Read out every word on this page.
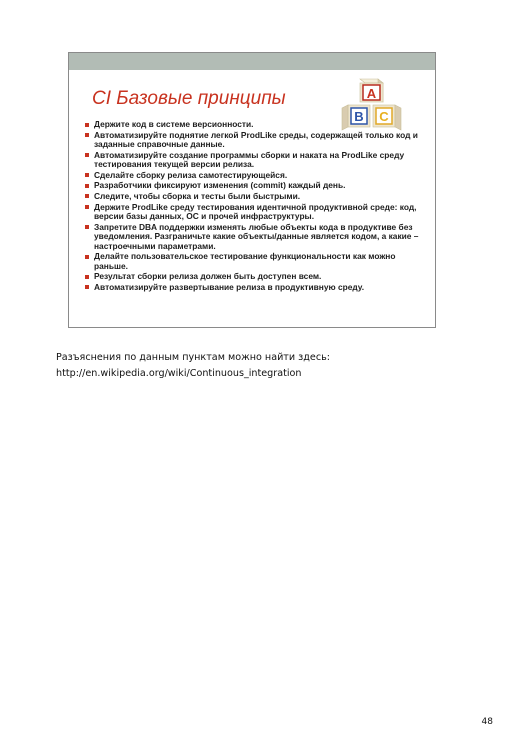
CI Базовые принципы	A
B C
Держите код в системе версионности.
Автоматизируйте поднятие легкой ProdLike среды, содержащей только код и заданные справочные данные.
Автоматизируйте создание программы сборки и наката на ProdLike среду тестирования текущей версии релиза.
Сделайте сборку релиза самотестирующейся.
Разработчики фиксируют изменения (commit) каждый день.
Следите, чтобы сборка и тесты были быстрыми.
Держите ProdLike среду тестирования идентичной продуктивной среде: код, версии базы данных, ОС и прочей инфраструктуры.
Запретите DBA поддержки изменять любые объекты кода в продуктиве без уведомления. Разграничьте какие объекты/данные является кодом, а какие – настроечными параметрами.
Делайте пользовательское тестирование функциональности как можно раньше.
Результат сборки релиза должен быть доступен всем.
Автоматизируйте развертывание релиза в продуктивную среду.
Разъяснения по данным пунктам можно найти здесь:
http://en.wikipedia.org/wiki/Continuous_integration
48
